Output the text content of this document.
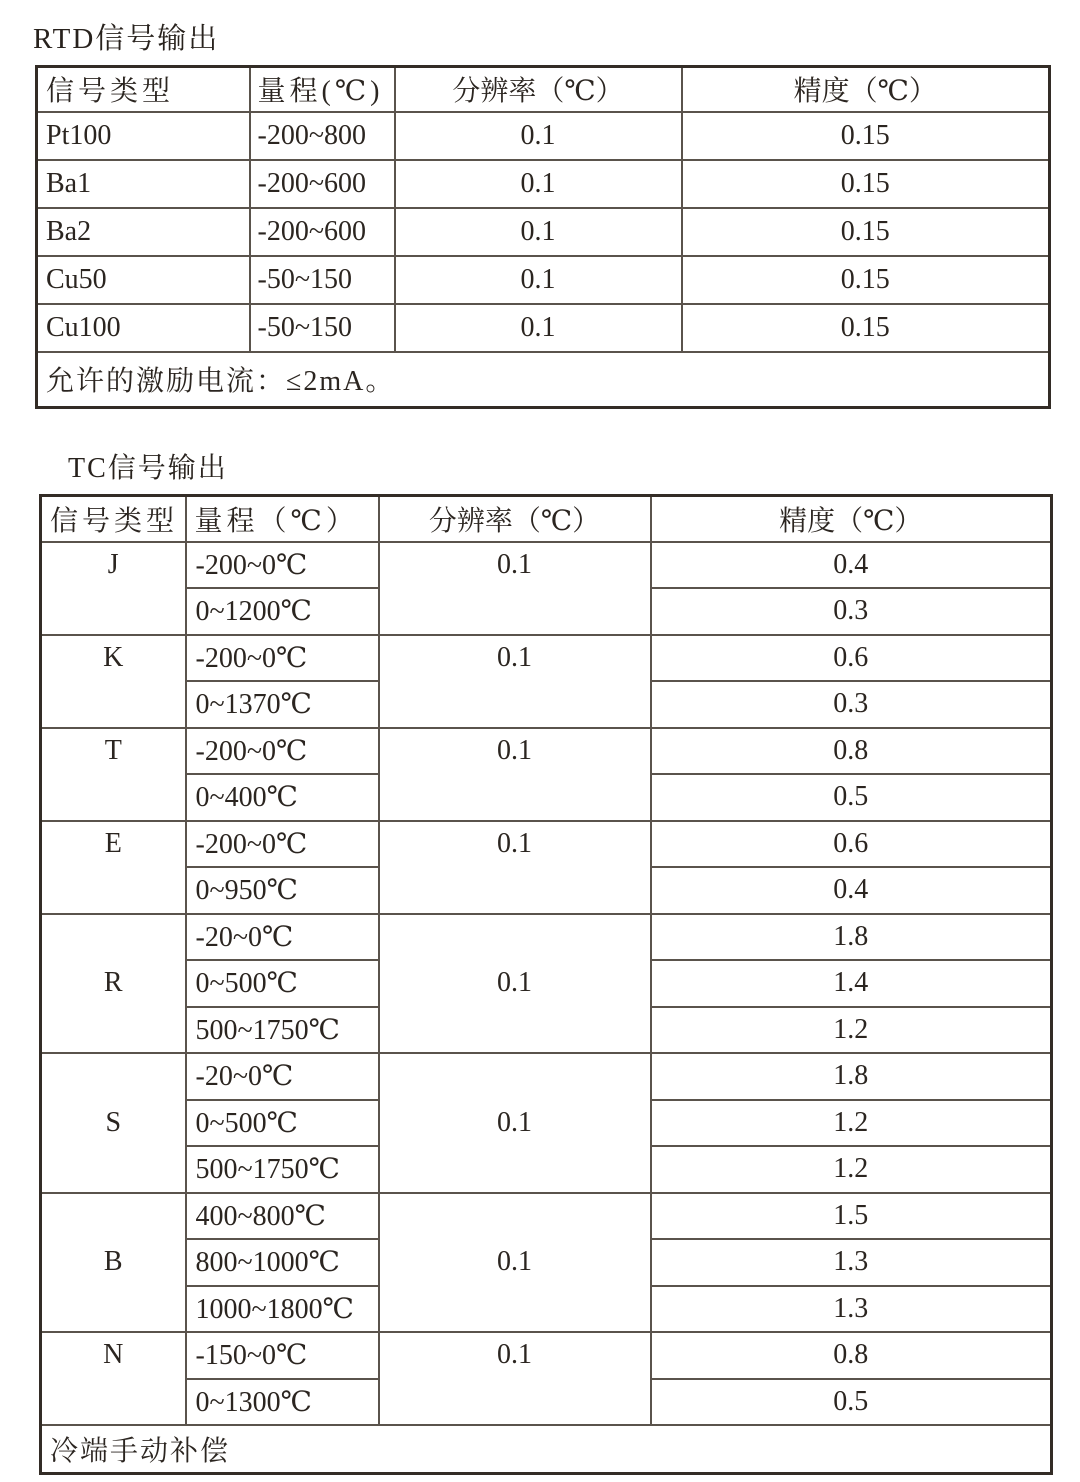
RTD信号输出
信号类型	量程(℃)	分辨率（℃）	精度（℃）
Pt100	-200~800	0.1	0.15
Ba1	-200~600	0.1	0.15
Ba2	-200~600	0.1	0.15
Cu50	-50~150	0.1	0.15
Cu100	-50~150	0.1	0.15
允许的激励电流：≤2mA。			
TC信号输出
信号类型	量程（℃）	分辨率（℃）	精度（℃）
J	-200~0℃	0.1	0.4
	0~1200℃		0.3
K	-200~0℃	0.1	0.6
	0~1370℃		0.3
T	-200~0℃	0.1	0.8
	0~400℃		0.5
E	-200~0℃	0.1	0.6
	0~950℃		0.4
R	-20~0℃	0.1	1.8
	0~500℃		1.4
	500~1750℃		1.2
S	-20~0℃	0.1	1.8
	0~500℃		1.2
	500~1750℃		1.2
B	400~800℃	0.1	1.5
	800~1000℃		1.3
	1000~1800℃		1.3
N	-150~0℃	0.1	0.8
	0~1300℃		0.5
冷端手动补偿			
